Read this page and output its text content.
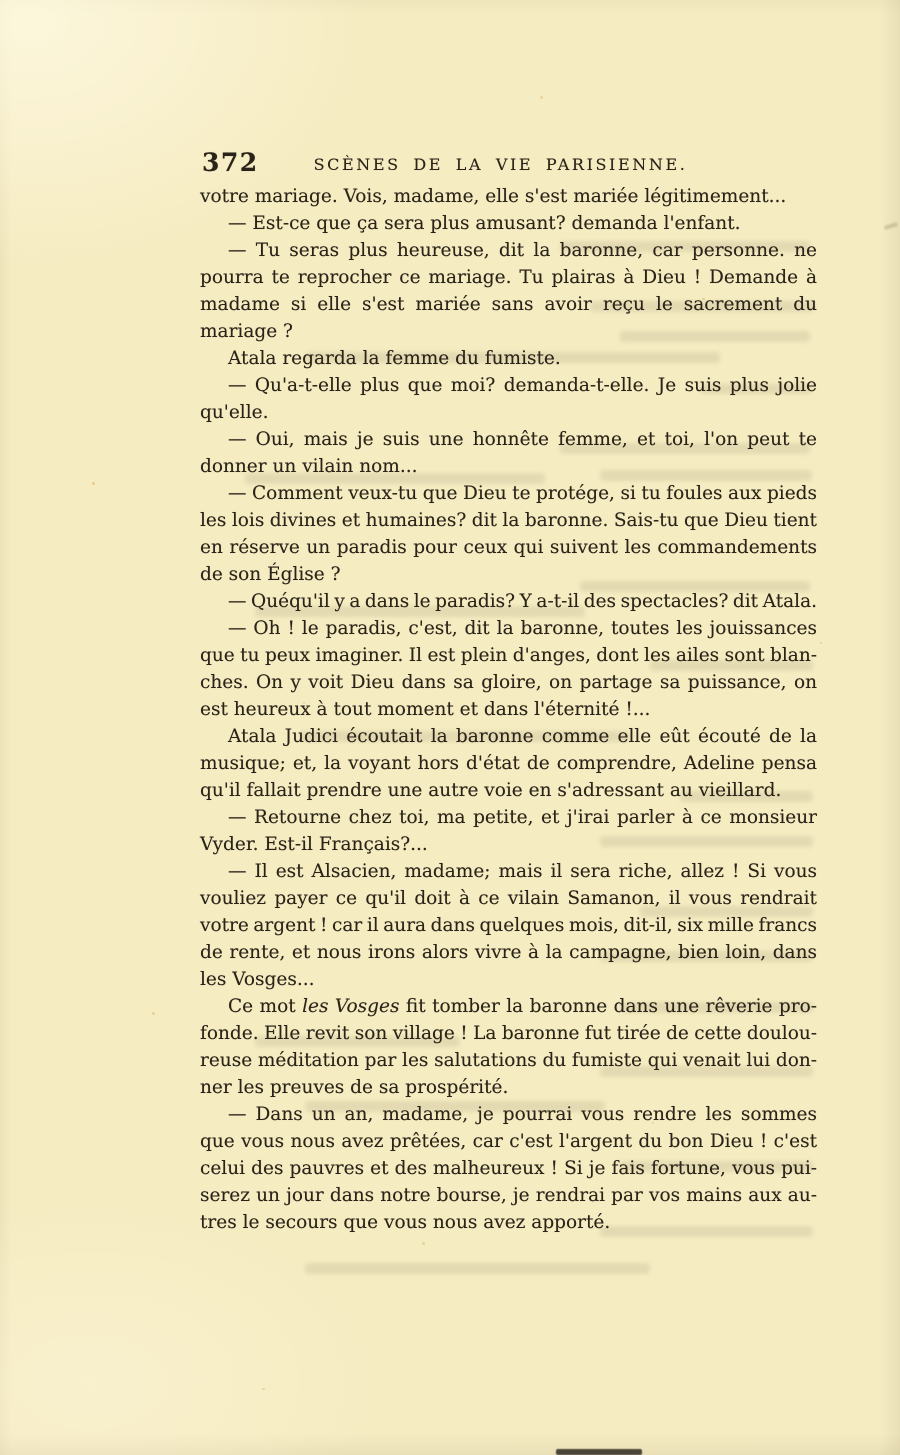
372	SCÈNES DE LA VIE PARISIENNE.
votre mariage. Vois, madame, elle s'est mariée légitimement...
— Est-ce que ça sera plus amusant? demanda l'enfant.
— Tu seras plus heureuse, dit la baronne, car personne. ne
pourra te reprocher ce mariage. Tu plairas à Dieu ! Demande à
madame si elle s'est mariée sans avoir reçu le sacrement du
mariage ?
Atala regarda la femme du fumiste.
— Qu'a-t-elle plus que moi? demanda-t-elle. Je suis plus jolie
qu'elle.
— Oui, mais je suis une honnête femme, et toi, l'on peut te
donner un vilain nom...
— Comment veux-tu que Dieu te protége, si tu foules aux pieds
les lois divines et humaines? dit la baronne. Sais-tu que Dieu tient
en réserve un paradis pour ceux qui suivent les commandements
de son Église ?
— Quéqu'il y a dans le paradis? Y a-t-il des spectacles? dit Atala.
— Oh ! le paradis, c'est, dit la baronne, toutes les jouissances
que tu peux imaginer. Il est plein d'anges, dont les ailes sont blan-
ches. On y voit Dieu dans sa gloire, on partage sa puissance, on
est heureux à tout moment et dans l'éternité !...
Atala Judici écoutait la baronne comme elle eût écouté de la
musique; et, la voyant hors d'état de comprendre, Adeline pensa
qu'il fallait prendre une autre voie en s'adressant au vieillard.
— Retourne chez toi, ma petite, et j'irai parler à ce monsieur
Vyder. Est-il Français?...
— Il est Alsacien, madame; mais il sera riche, allez ! Si vous
vouliez payer ce qu'il doit à ce vilain Samanon, il vous rendrait
votre argent ! car il aura dans quelques mois, dit-il, six mille francs
de rente, et nous irons alors vivre à la campagne, bien loin, dans
les Vosges...
Ce mot les Vosges fit tomber la baronne dans une rêverie pro-
fonde. Elle revit son village ! La baronne fut tirée de cette doulou-
reuse méditation par les salutations du fumiste qui venait lui don-
ner les preuves de sa prospérité.
— Dans un an, madame, je pourrai vous rendre les sommes
que vous nous avez prêtées, car c'est l'argent du bon Dieu ! c'est
celui des pauvres et des malheureux ! Si je fais fortune, vous pui-
serez un jour dans notre bourse, je rendrai par vos mains aux au-
tres le secours que vous nous avez apporté.
